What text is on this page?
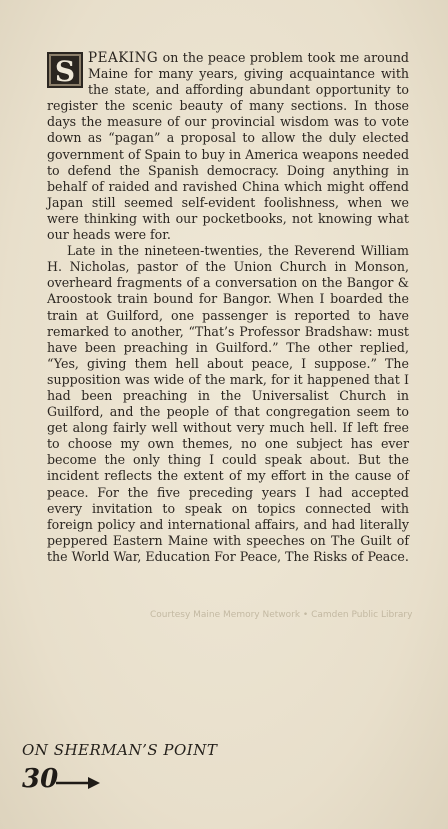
S PEAKING on the peace problem took me around Maine for many years, giving acquaintance with the state, and affording abundant opportunity to register the scenic beauty of many sections. In those days the measure of our provincial wisdom was to vote down as “pagan” a proposal to allow the duly elected government of Spain to buy in America weapons needed to defend the Spanish democracy. Doing anything in behalf of raided and ravished China which might offend Japan still seemed self-evident foolishness, when we were thinking with our pocketbooks, not knowing what our heads were for.

Late in the nineteen-twenties, the Reverend William H. Nicholas, pastor of the Union Church in Monson, overheard fragments of a conversation on the Bangor & Aroostook train bound for Bangor. When I boarded the train at Guilford, one passenger is reported to have remarked to another, “That’s Professor Bradshaw: must have been preaching in Guilford.” The other replied, “Yes, giving them hell about peace, I suppose.” The supposition was wide of the mark, for it happened that I had been preaching in the Universalist Church in Guilford, and the people of that congregation seem to get along fairly well without very much hell. If left free to choose my own themes, no one subject has ever become the only thing I could speak about. But the incident reflects the extent of my effort in the cause of peace. For the five preceding years I had accepted every invitation to speak on topics connected with foreign policy and international affairs, and had literally peppered Eastern Maine with speeches on The Guilt of the World War, Education For Peace, The Risks of Peace.

Courtesy Maine Memory Network • Camden Public Library
ON SHERMAN’S POINT
30
